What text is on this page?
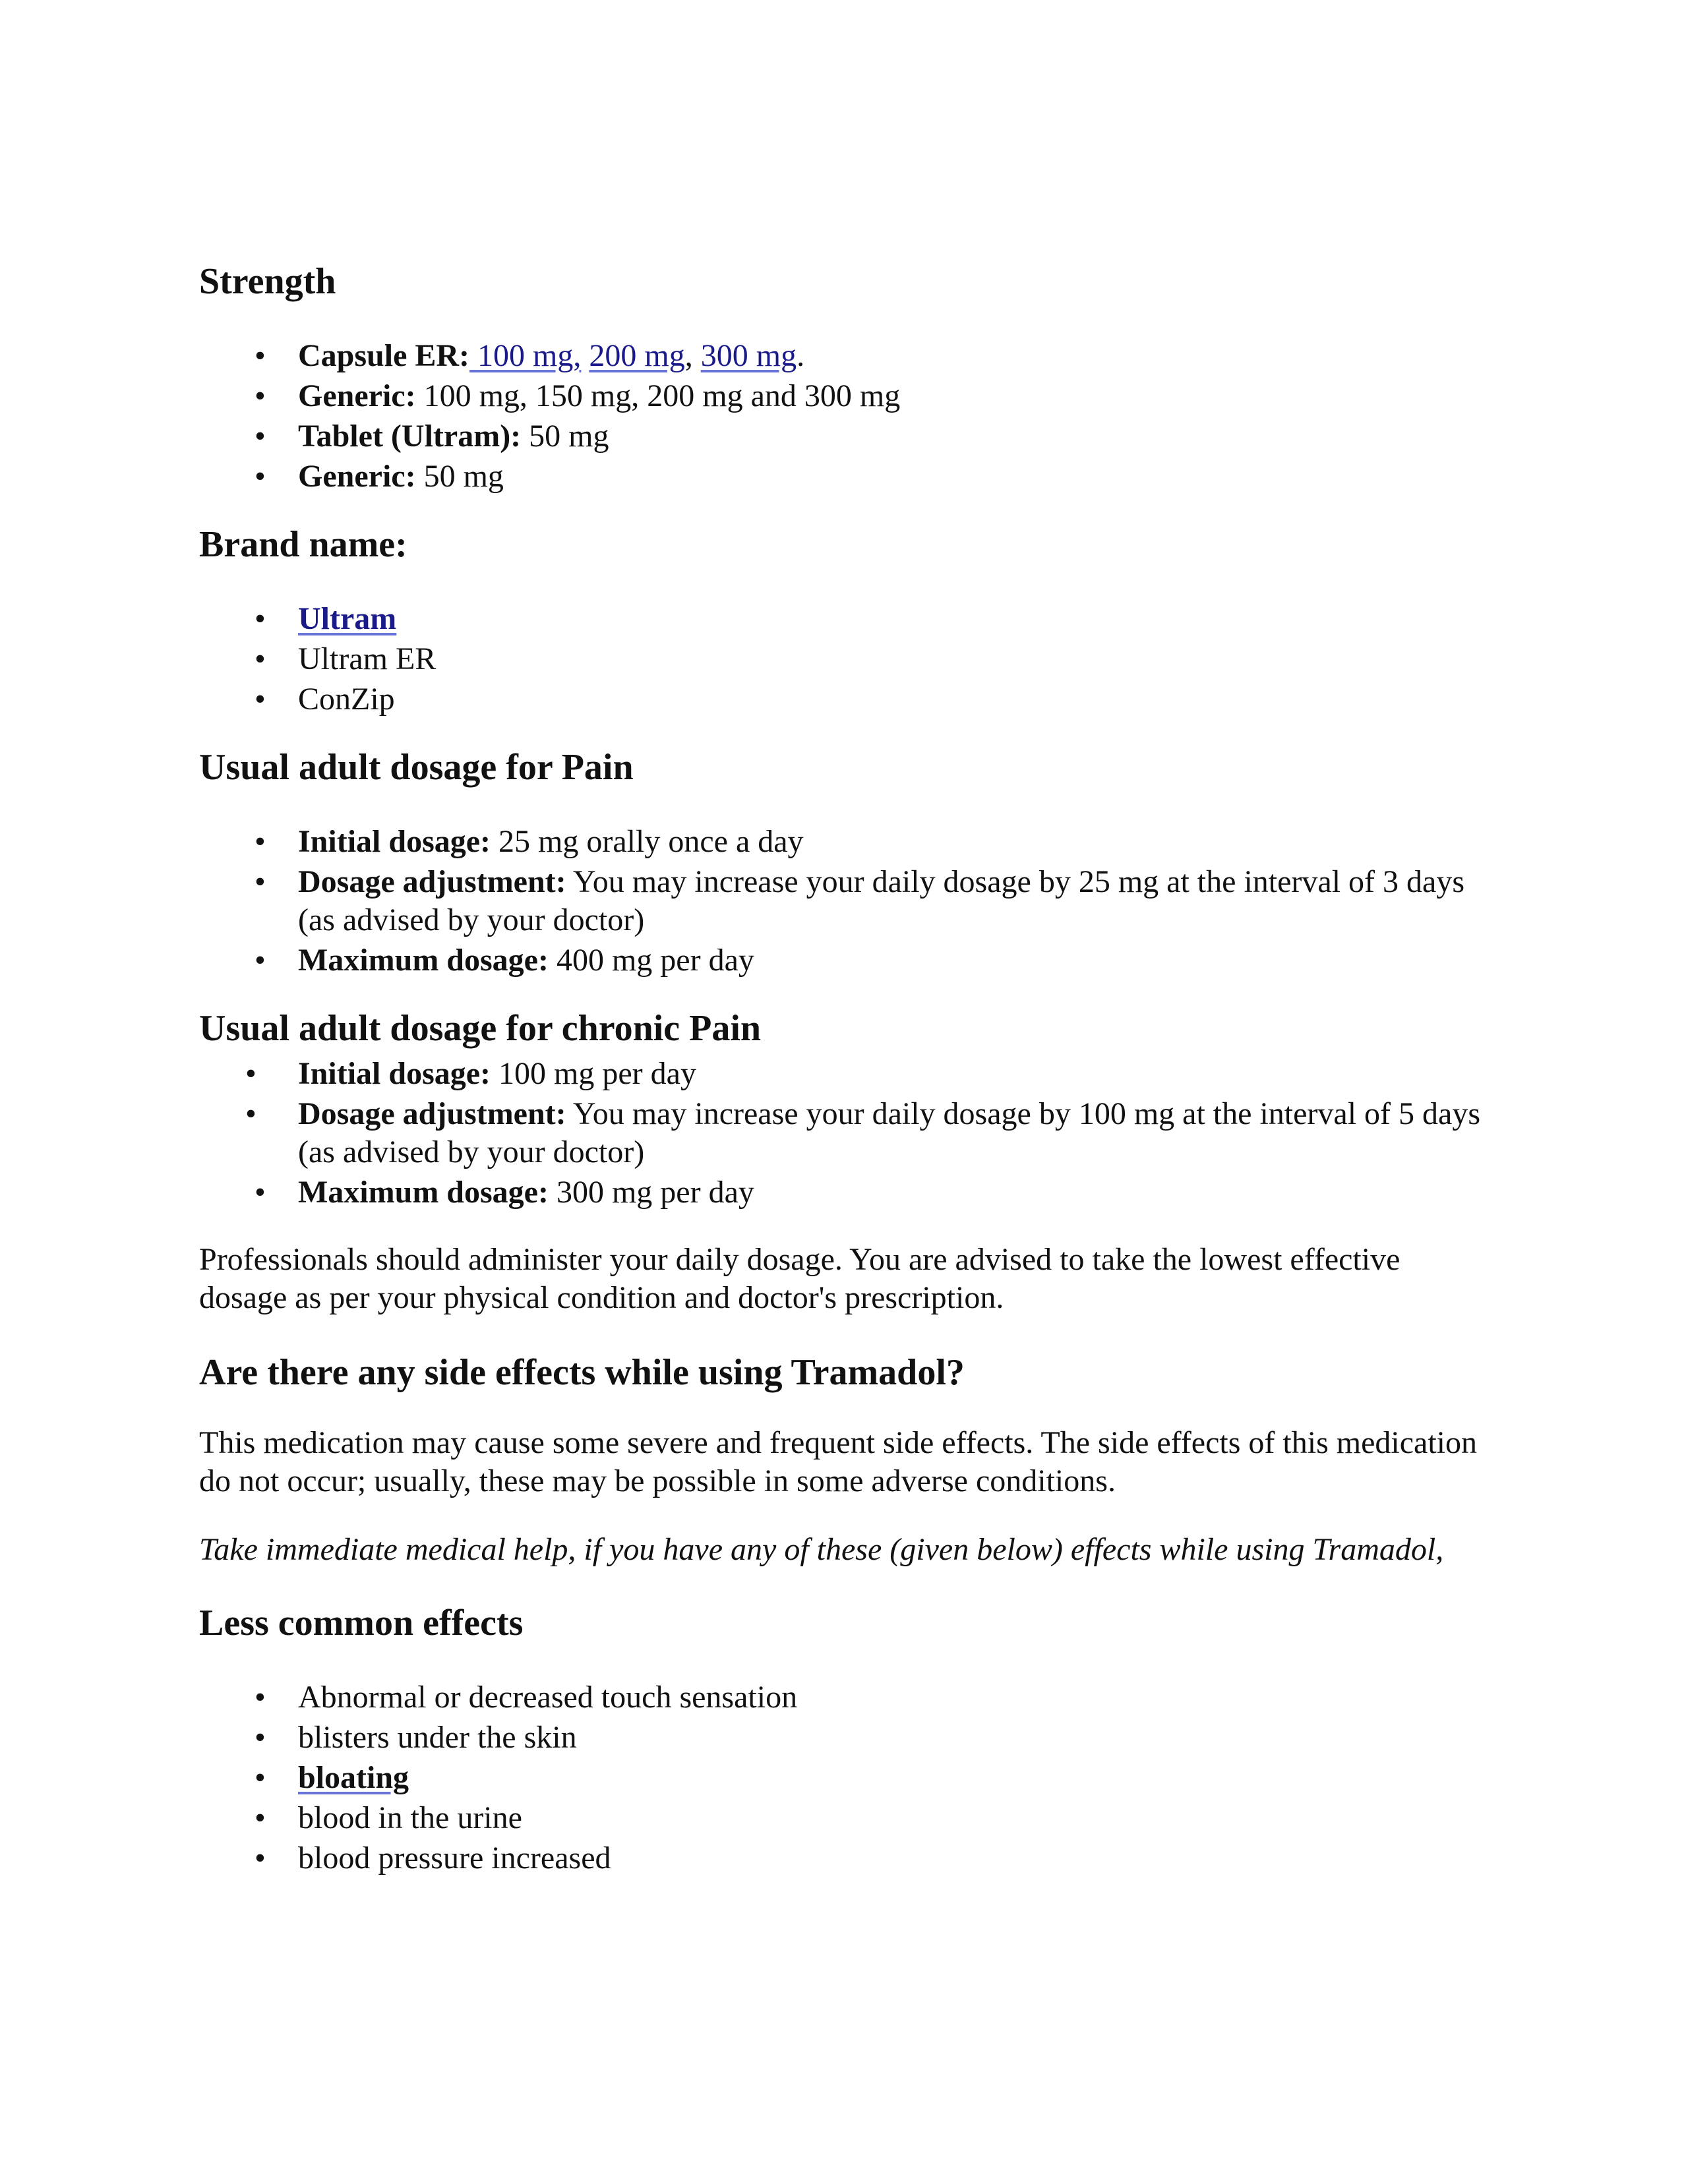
Strength
• Capsule ER: 100 mg, 200 mg, 300 mg.
• Generic: 100 mg, 150 mg, 200 mg and 300 mg
• Tablet (Ultram): 50 mg
• Generic: 50 mg
Brand name:
• Ultram
• Ultram ER
• ConZip
Usual adult dosage for Pain
• Initial dosage: 25 mg orally once a day
• Dosage adjustment: You may increase your daily dosage by 25 mg at the interval of 3 days (as advised by your doctor)
• Maximum dosage: 400 mg per day
Usual adult dosage for chronic Pain
• Initial dosage: 100 mg per day
• Dosage adjustment: You may increase your daily dosage by 100 mg at the interval of 5 days (as advised by your doctor)
• Maximum dosage: 300 mg per day

Professionals should administer your daily dosage. You are advised to take the lowest effective dosage as per your physical condition and doctor's prescription.

Are there any side effects while using Tramadol?

This medication may cause some severe and frequent side effects. The side effects of this medication do not occur; usually, these may be possible in some adverse conditions.

Take immediate medical help, if you have any of these (given below) effects while using Tramadol,

Less common effects
• Abnormal or decreased touch sensation
• blisters under the skin
• bloating
• blood in the urine
• blood pressure increased
